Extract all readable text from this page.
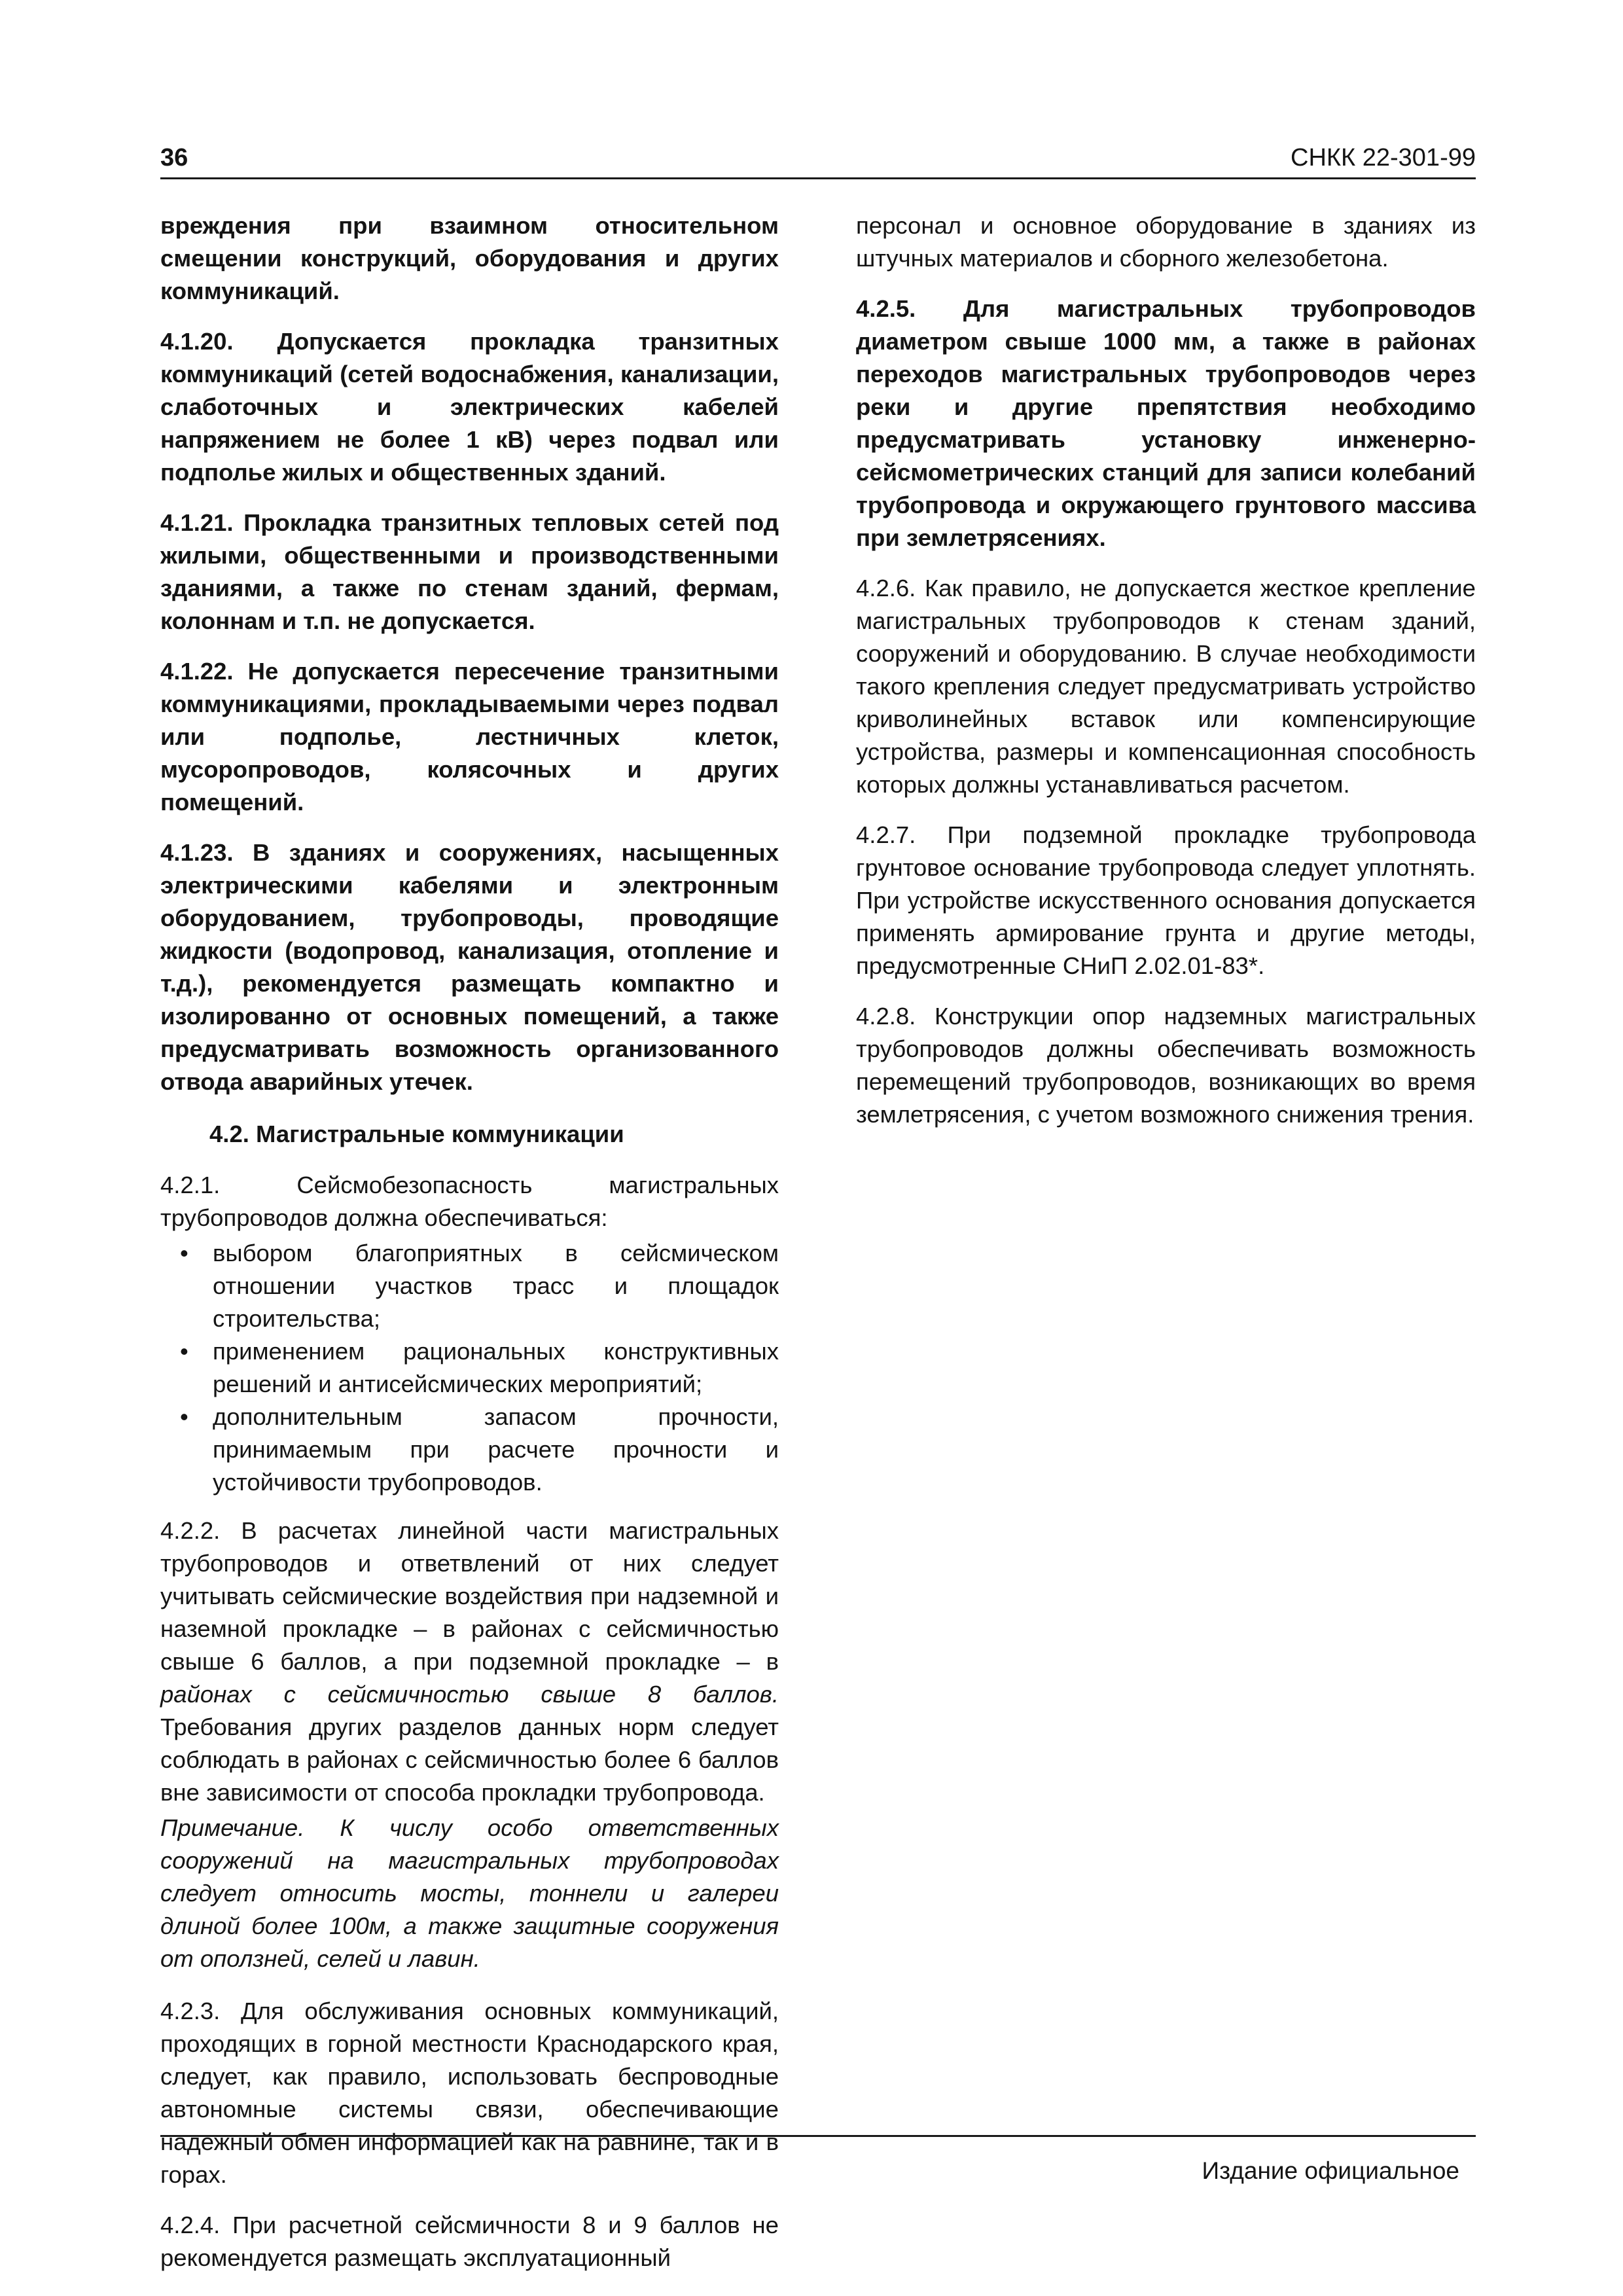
36	СНКК 22-301-99

вреждения при взаимном относительном смещении конструкций, оборудования и других коммуникаций.

4.1.20. Допускается прокладка транзитных коммуникаций (сетей водоснабжения, канализации, слаботочных и электрических кабелей напряжением не более 1 кВ) через подвал или подполье жилых и общественных зданий.

4.1.21. Прокладка транзитных тепловых сетей под жилыми, общественными и производственными зданиями, а также по стенам зданий, фермам, колоннам и т.п. не допускается.

4.1.22. Не допускается пересечение транзитными коммуникациями, прокладываемыми через подвал или подполье, лестничных клеток, мусоропроводов, колясочных и других помещений.

4.1.23. В зданиях и сооружениях, насыщенных электрическими кабелями и электронным оборудованием, трубопроводы, проводящие жидкости (водопровод, канализация, отопление и т.д.), рекомендуется размещать компактно и изолированно от основных помещений, а также предусматривать возможность организованного отвода аварийных утечек.

4.2. Магистральные коммуникации

4.2.1.	Сейсмобезопасность магистральных трубопроводов должна обеспечиваться:

• выбором благоприятных в сейсмическом отношении участков трасс и площадок строительства;
• применением рациональных конструктивных решений и антисейсмических мероприятий;
• дополнительным запасом прочности, принимаемым при расчете прочности и устойчивости трубопроводов.

4.2.2. В расчетах линейной части магистральных трубопроводов и ответвлений от них следует учитывать сейсмические воздействия при надземной и наземной прокладке – в районах с сейсмичностью свыше 6 баллов, а при подземной прокладке – в районах с сейсмичностью свыше 8 баллов. Требования других разделов данных норм следует соблюдать в районах с сейсмичностью более 6 баллов вне зависимости от способа прокладки трубопровода.

Примечание. К числу особо ответственных сооружений на магистральных трубопроводах следует относить мосты, тоннели и галереи длиной более 100м, а также защитные сооружения от оползней, селей и лавин.

4.2.3. Для обслуживания основных коммуникаций, проходящих в горной местности Краснодарского края, следует, как правило, использовать беспроводные автономные системы связи, обеспечивающие надежный обмен информацией как на равнине, так и в горах.

4.2.4. При расчетной сейсмичности 8 и 9 баллов не рекомендуется размещать эксплуатационный

персонал и основное оборудование в зданиях из штучных материалов и сборного железобетона.

4.2.5. Для магистральных трубопроводов диаметром свыше 1000 мм, а также в районах переходов магистральных трубопроводов через реки и другие препятствия необходимо предусматривать установку инженерно-сейсмометрических станций для записи колебаний трубопровода и окружающего грунтового массива при землетрясениях.

4.2.6. Как правило, не допускается жесткое крепление магистральных трубопроводов к стенам зданий, сооружений и оборудованию. В случае необходимости такого крепления следует предусматривать устройство криволинейных вставок или компенсирующие устройства, размеры и компенсационная способность которых должны устанавливаться расчетом.

4.2.7. При подземной прокладке трубопровода грунтовое основание трубопровода следует уплотнять. При устройстве искусственного основания допускается применять армирование грунта и другие методы, предусмотренные СНиП 2.02.01-83*.

4.2.8. Конструкции опор надземных магистральных трубопроводов должны обеспечивать возможность перемещений трубопроводов, возникающих во время землетрясения, с учетом возможного снижения трения.

Издание официальное
